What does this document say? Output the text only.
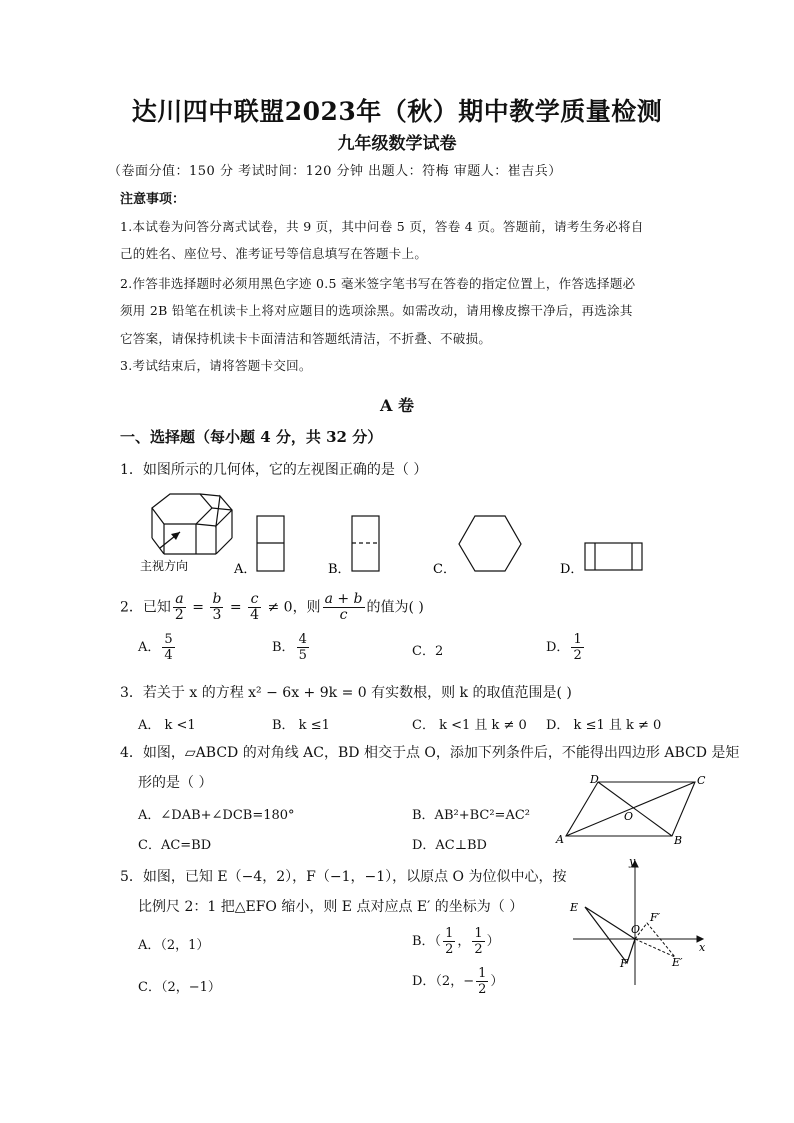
达川四中联盟2023年（秋）期中教学质量检测
九年级数学试卷
（卷面分值：150 分 考试时间：120 分钟 出题人：符梅 审题人：崔吉兵）
注意事项：
1.本试卷为问答分离式试卷，共 9 页，其中问卷 5 页，答卷 4 页。答题前，请考生务必将自
己的姓名、座位号、准考证号等信息填写在答题卡上。
2.作答非选择题时必须用黑色字迹 0.5 毫米签字笔书写在答卷的指定位置上，作答选择题必
须用 2B 铅笔在机读卡上将对应题目的选项涂黑。如需改动，请用橡皮擦干净后，再选涂其
它答案，请保持机读卡卡面清洁和答题纸清洁，不折叠、不破损。
3.考试结束后，请将答题卡交回。
A 卷
一、选择题（每小题 4 分，共 32 分）
1．如图所示的几何体，它的左视图正确的是（ ）
主视方向	A．	B．	C．	D．
2．已知 $\frac{a}{2} = \frac{b}{3} = \frac{c}{4} \ne 0$，则 $\frac{a + b}{c}$ 的值为( )
A． $\frac{5}{4}$	B． $\frac{4}{5}$	C．2	D． $\frac{1}{2}$
3．若关于 x 的方程 x² − 6x + 9k = 0 有实数根，则 k 的取值范围是( )
A． k <1	B． k ≤1	C． k <1 且 k ≠ 0 D． k ≤1 且 k ≠ 0
4．如图，▱ABCD 的对角线 AC，BD 相交于点 O，添加下列条件后，不能得出四边形 ABCD 是矩
形的是（ ）
A．∠DAB+∠DCB=180°	B．AB²+BC²=AC²
C．AC=BD	D．AC⊥BD
D	C
A	B
O
5．如图，已知 E（−4，2），F（−1，−1），以原点 O 为位似中心，按
比例尺 2：1 把△EFO 缩小，则 E 点对应点 E′ 的坐标为（ ）
A．（2，1）	B．（ $\frac{1}{2}$ ， $\frac{1}{2}$ ）
C．（2，−1）	D．（2，− $\frac{1}{2}$ ）
y
x
E
O
F
F′
E′
